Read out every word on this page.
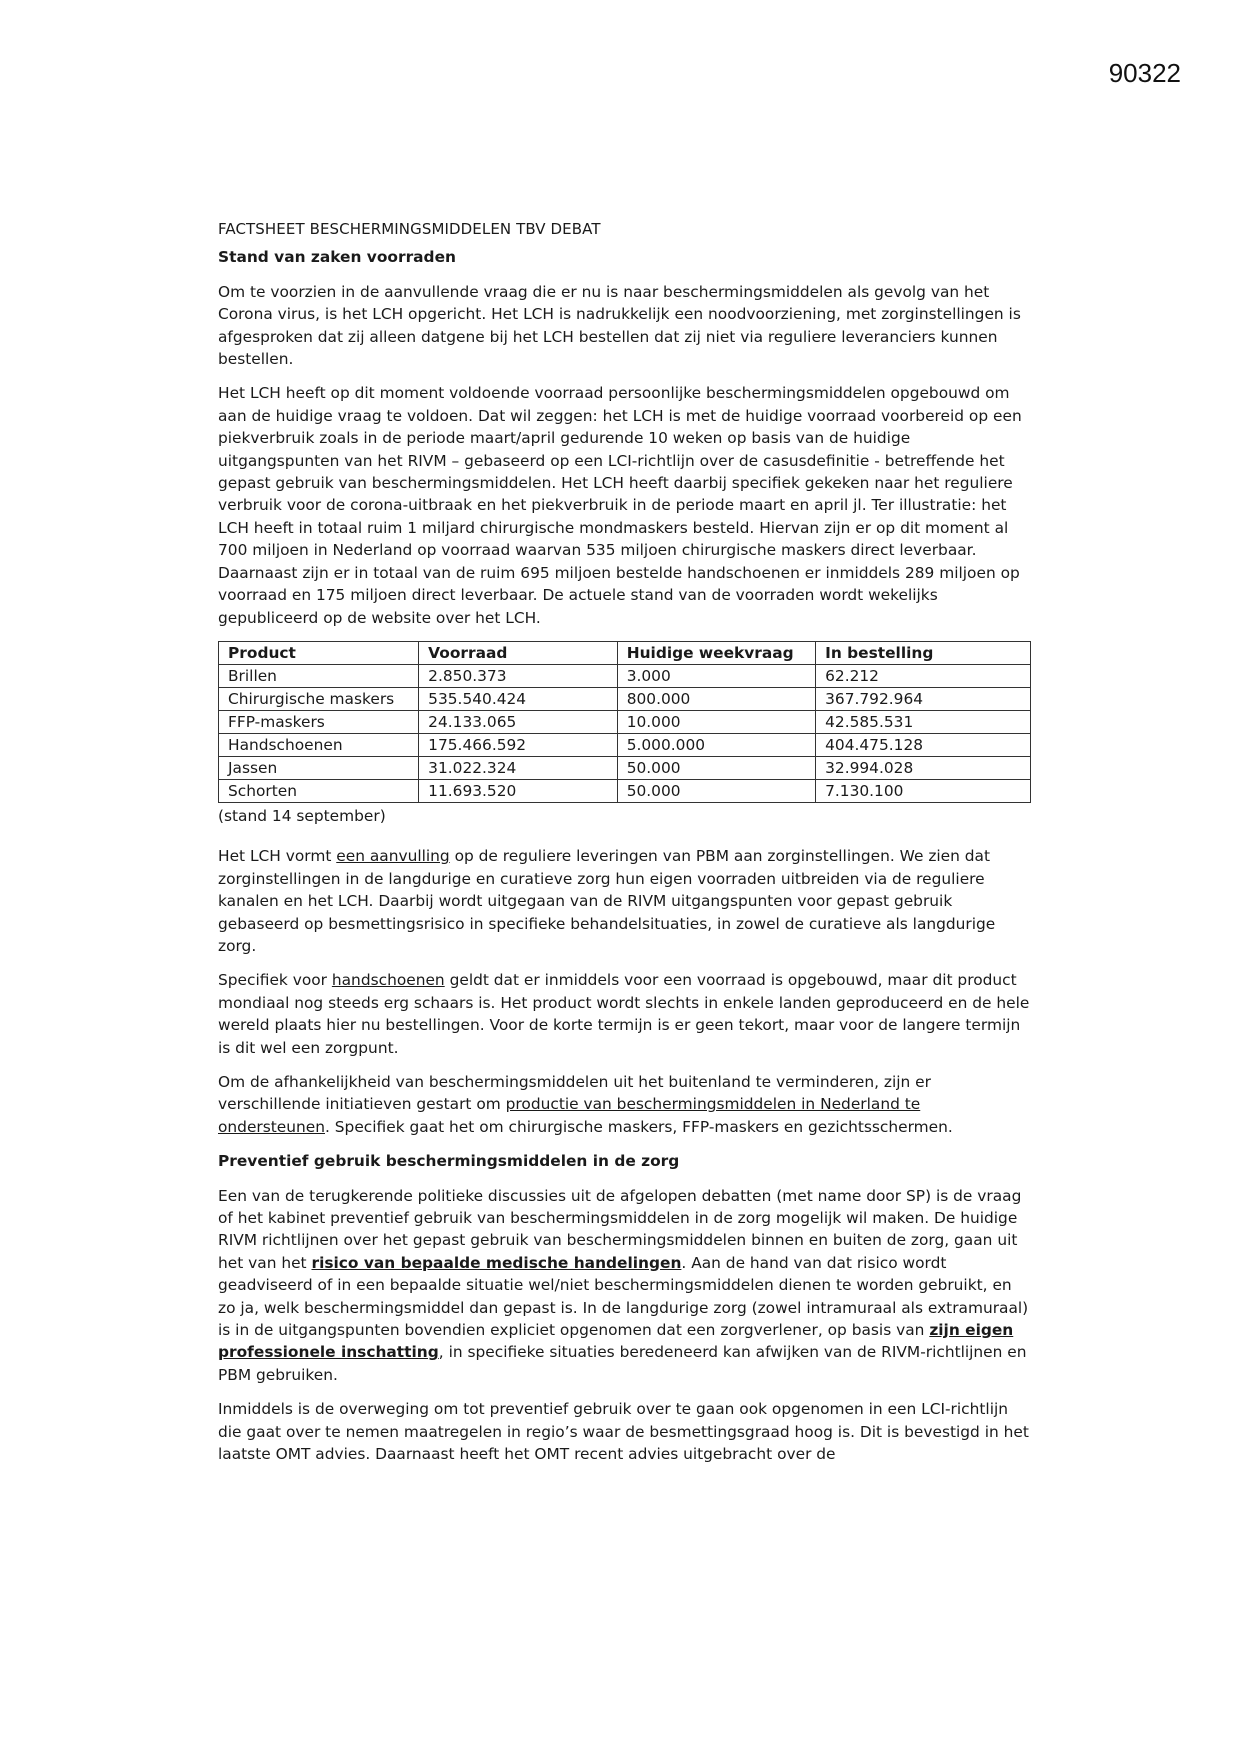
90322
FACTSHEET BESCHERMINGSMIDDELEN TBV DEBAT
Stand van zaken voorraden

Om te voorzien in de aanvullende vraag die er nu is naar beschermingsmiddelen als gevolg van het Corona virus, is het LCH opgericht. Het LCH is nadrukkelijk een noodvoorziening, met zorginstellingen is afgesproken dat zij alleen datgene bij het LCH bestellen dat zij niet via reguliere leveranciers kunnen bestellen.

Het LCH heeft op dit moment voldoende voorraad persoonlijke beschermingsmiddelen opgebouwd om aan de huidige vraag te voldoen. Dat wil zeggen: het LCH is met de huidige voorraad voorbereid op een piekverbruik zoals in de periode maart/april gedurende 10 weken op basis van de huidige uitgangspunten van het RIVM – gebaseerd op een LCI-richtlijn over de casusdefinitie - betreffende het gepast gebruik van beschermingsmiddelen. Het LCH heeft daarbij specifiek gekeken naar het reguliere verbruik voor de corona-uitbraak en het piekverbruik in de periode maart en april jl. Ter illustratie: het LCH heeft in totaal ruim 1 miljard chirurgische mondmaskers besteld. Hiervan zijn er op dit moment al 700 miljoen in Nederland op voorraad waarvan 535 miljoen chirurgische maskers direct leverbaar. Daarnaast zijn er in totaal van de ruim 695 miljoen bestelde handschoenen er inmiddels 289 miljoen op voorraad en 175 miljoen direct leverbaar. De actuele stand van de voorraden wordt wekelijks gepubliceerd op de website over het LCH.

Product	Voorraad	Huidige weekvraag	In bestelling
Brillen	2.850.373	3.000	62.212
Chirurgische maskers	535.540.424	800.000	367.792.964
FFP-maskers	24.133.065	10.000	42.585.531
Handschoenen	175.466.592	5.000.000	404.475.128
Jassen	31.022.324	50.000	32.994.028
Schorten	11.693.520	50.000	7.130.100
(stand 14 september)

Het LCH vormt een aanvulling op de reguliere leveringen van PBM aan zorginstellingen. We zien dat zorginstellingen in de langdurige en curatieve zorg hun eigen voorraden uitbreiden via de reguliere kanalen en het LCH. Daarbij wordt uitgegaan van de RIVM uitgangspunten voor gepast gebruik gebaseerd op besmettingsrisico in specifieke behandelsituaties, in zowel de curatieve als langdurige zorg.

Specifiek voor handschoenen geldt dat er inmiddels voor een voorraad is opgebouwd, maar dit product mondiaal nog steeds erg schaars is. Het product wordt slechts in enkele landen geproduceerd en de hele wereld plaats hier nu bestellingen. Voor de korte termijn is er geen tekort, maar voor de langere termijn is dit wel een zorgpunt.

Om de afhankelijkheid van beschermingsmiddelen uit het buitenland te verminderen, zijn er verschillende initiatieven gestart om productie van beschermingsmiddelen in Nederland te ondersteunen. Specifiek gaat het om chirurgische maskers, FFP-maskers en gezichtsschermen.

Preventief gebruik beschermingsmiddelen in de zorg

Een van de terugkerende politieke discussies uit de afgelopen debatten (met name door SP) is de vraag of het kabinet preventief gebruik van beschermingsmiddelen in de zorg mogelijk wil maken. De huidige RIVM richtlijnen over het gepast gebruik van beschermingsmiddelen binnen en buiten de zorg, gaan uit het van het risico van bepaalde medische handelingen. Aan de hand van dat risico wordt geadviseerd of in een bepaalde situatie wel/niet beschermingsmiddelen dienen te worden gebruikt, en zo ja, welk beschermingsmiddel dan gepast is. In de langdurige zorg (zowel intramuraal als extramuraal) is in de uitgangspunten bovendien expliciet opgenomen dat een zorgverlener, op basis van zijn eigen professionele inschatting, in specifieke situaties beredeneerd kan afwijken van de RIVM-richtlijnen en PBM gebruiken.

Inmiddels is de overweging om tot preventief gebruik over te gaan ook opgenomen in een LCI-richtlijn die gaat over te nemen maatregelen in regio’s waar de besmettingsgraad hoog is. Dit is bevestigd in het laatste OMT advies. Daarnaast heeft het OMT recent advies uitgebracht over de
